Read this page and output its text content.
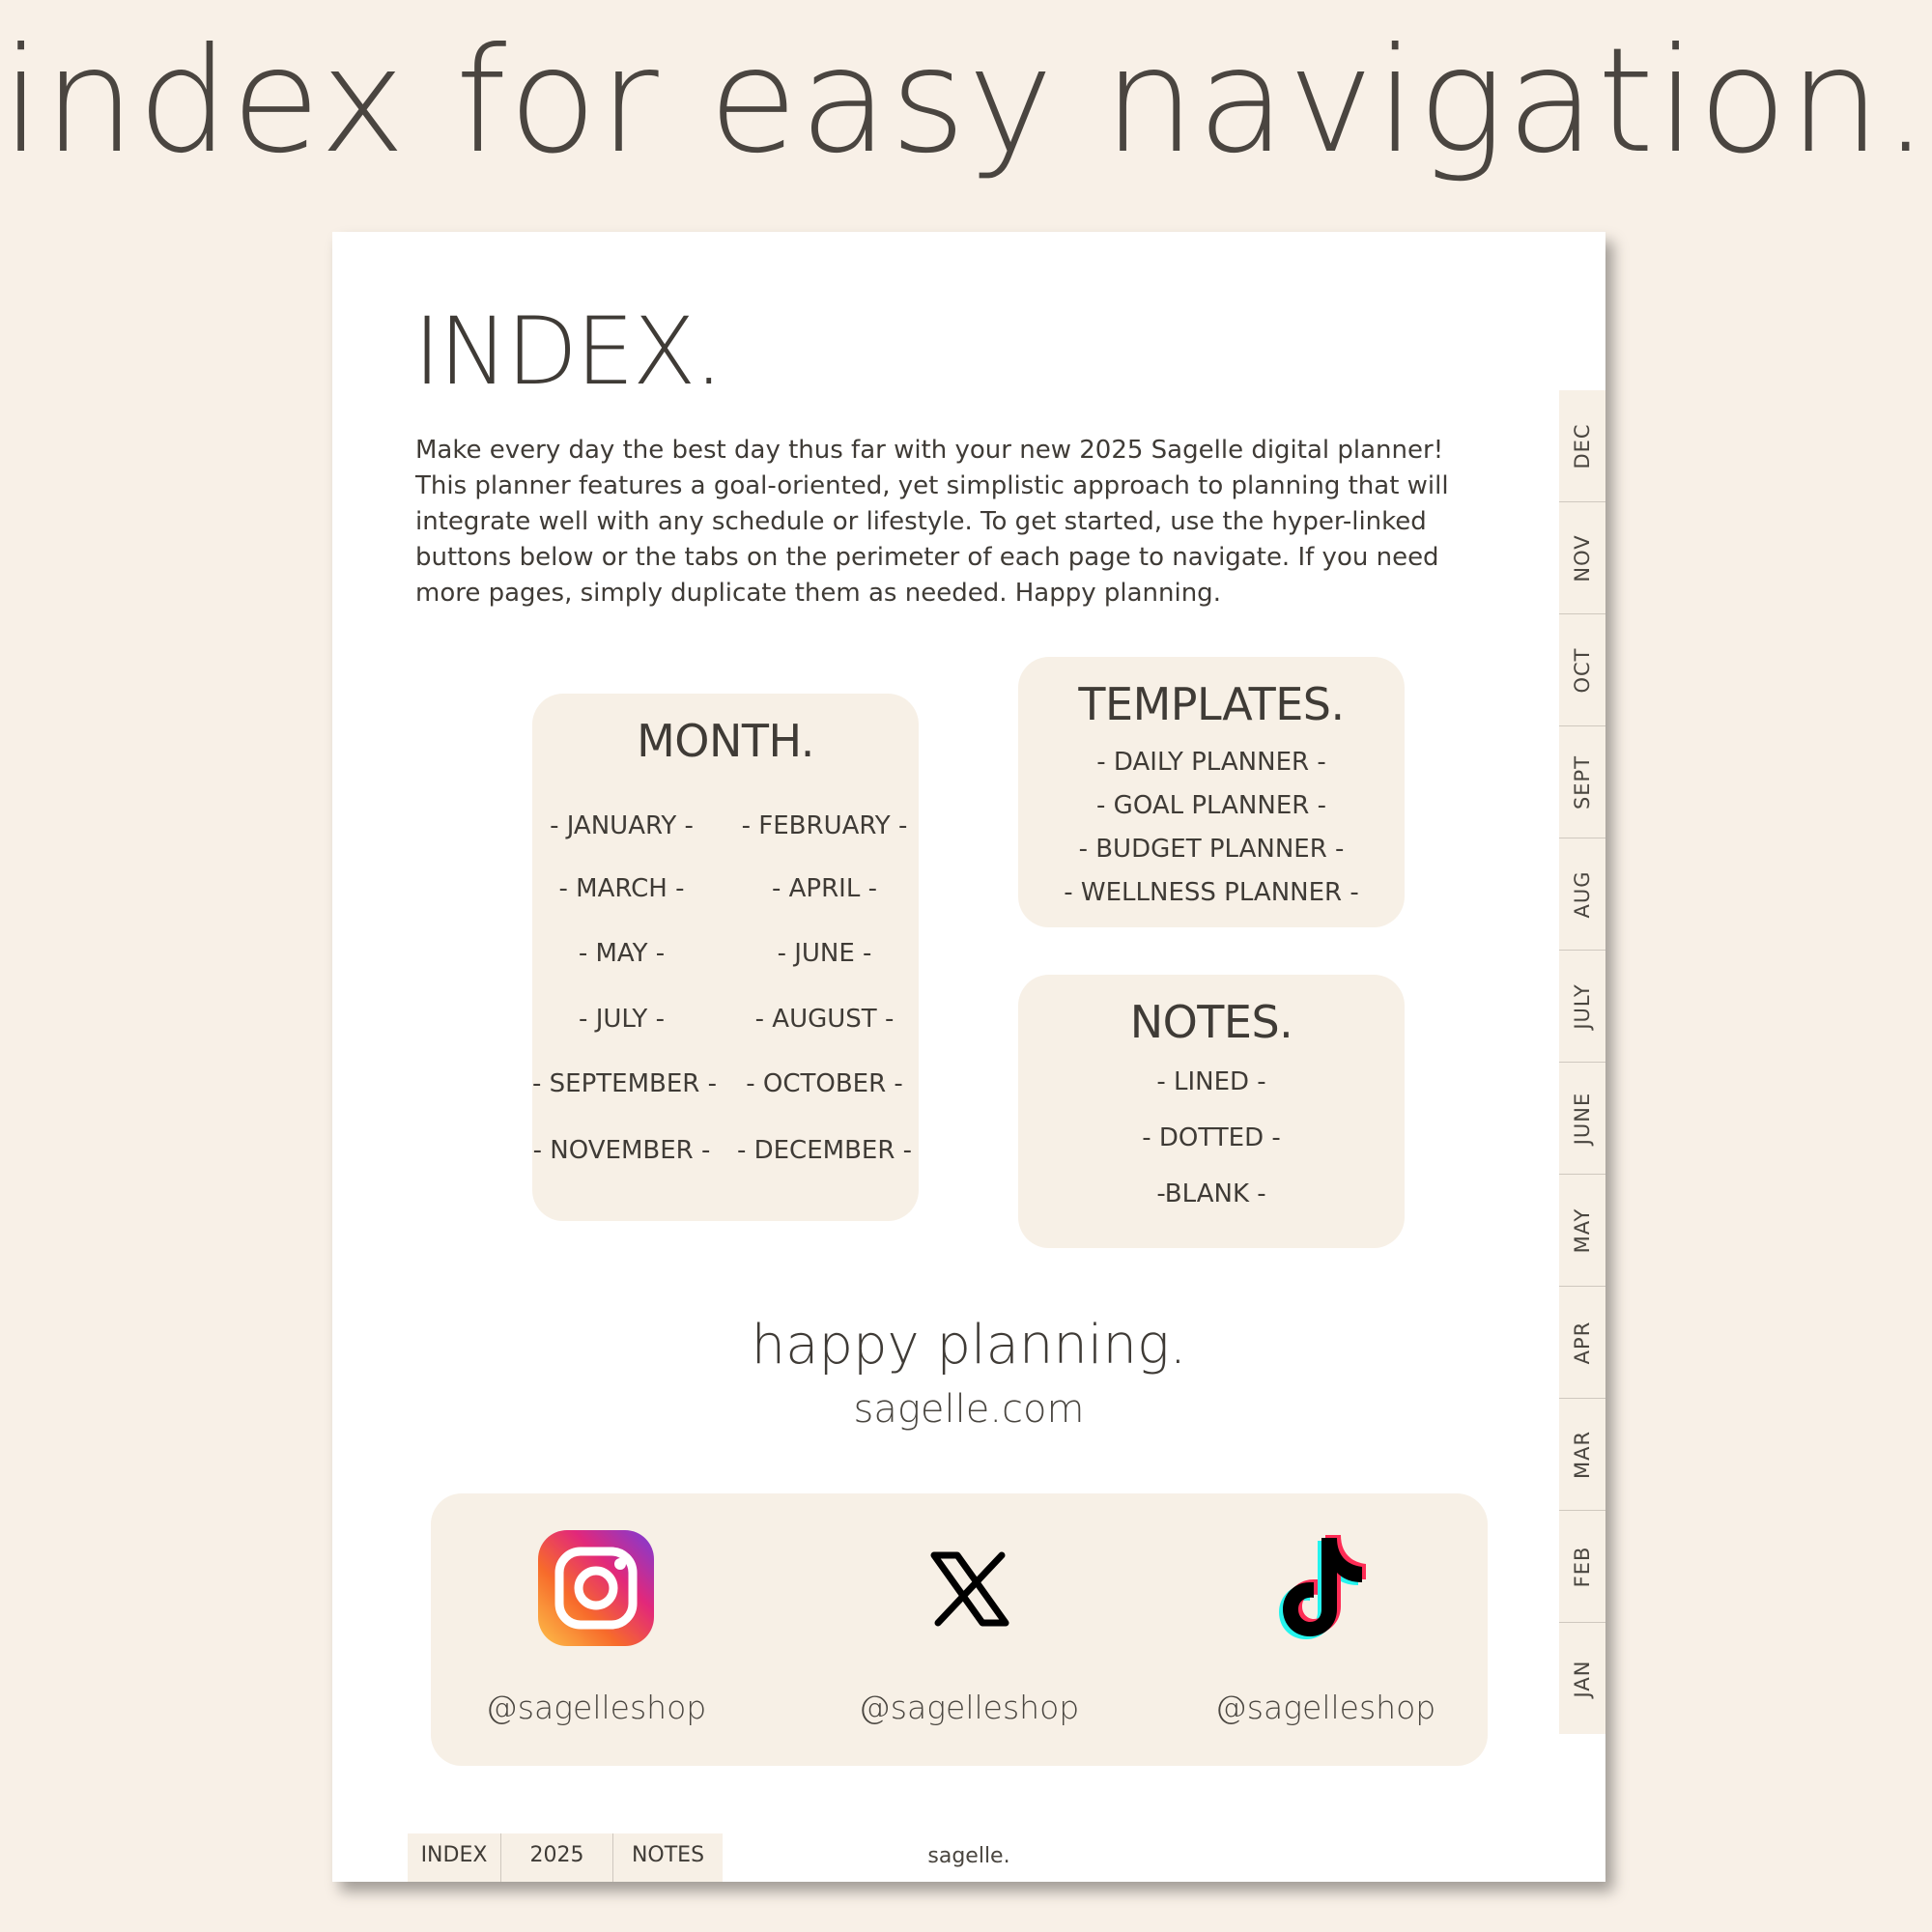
index for easy navigation.
INDEX.
Make every day the best day thus far with your new 2025 Sagelle digital planner! This planner features a goal-oriented, yet simplistic approach to planning that will integrate well with any schedule or lifestyle. To get started, use the hyper-linked buttons below or the tabs on the perimeter of each page to navigate. If you need more pages, simply duplicate them as needed. Happy planning.
MONTH.
- JANUARY -	- FEBRUARY -
- MARCH -	- APRIL -
- MAY -	- JUNE -
- JULY -	- AUGUST -
- SEPTEMBER -	- OCTOBER -
- NOVEMBER - - DECEMBER -
TEMPLATES.
- DAILY PLANNER -
- GOAL PLANNER -
- BUDGET PLANNER -
- WELLNESS PLANNER -
NOTES.
- LINED -
- DOTTED -
-BLANK -
happy planning.
sagelle.com
@sagelleshop	@sagelleshop	@sagelleshop
DEC
NOV
OCT
SEPT
AUG
JULY
JUNE
MAY
APR
MAR
FEB
JAN
INDEX	2025	NOTES	sagelle.
